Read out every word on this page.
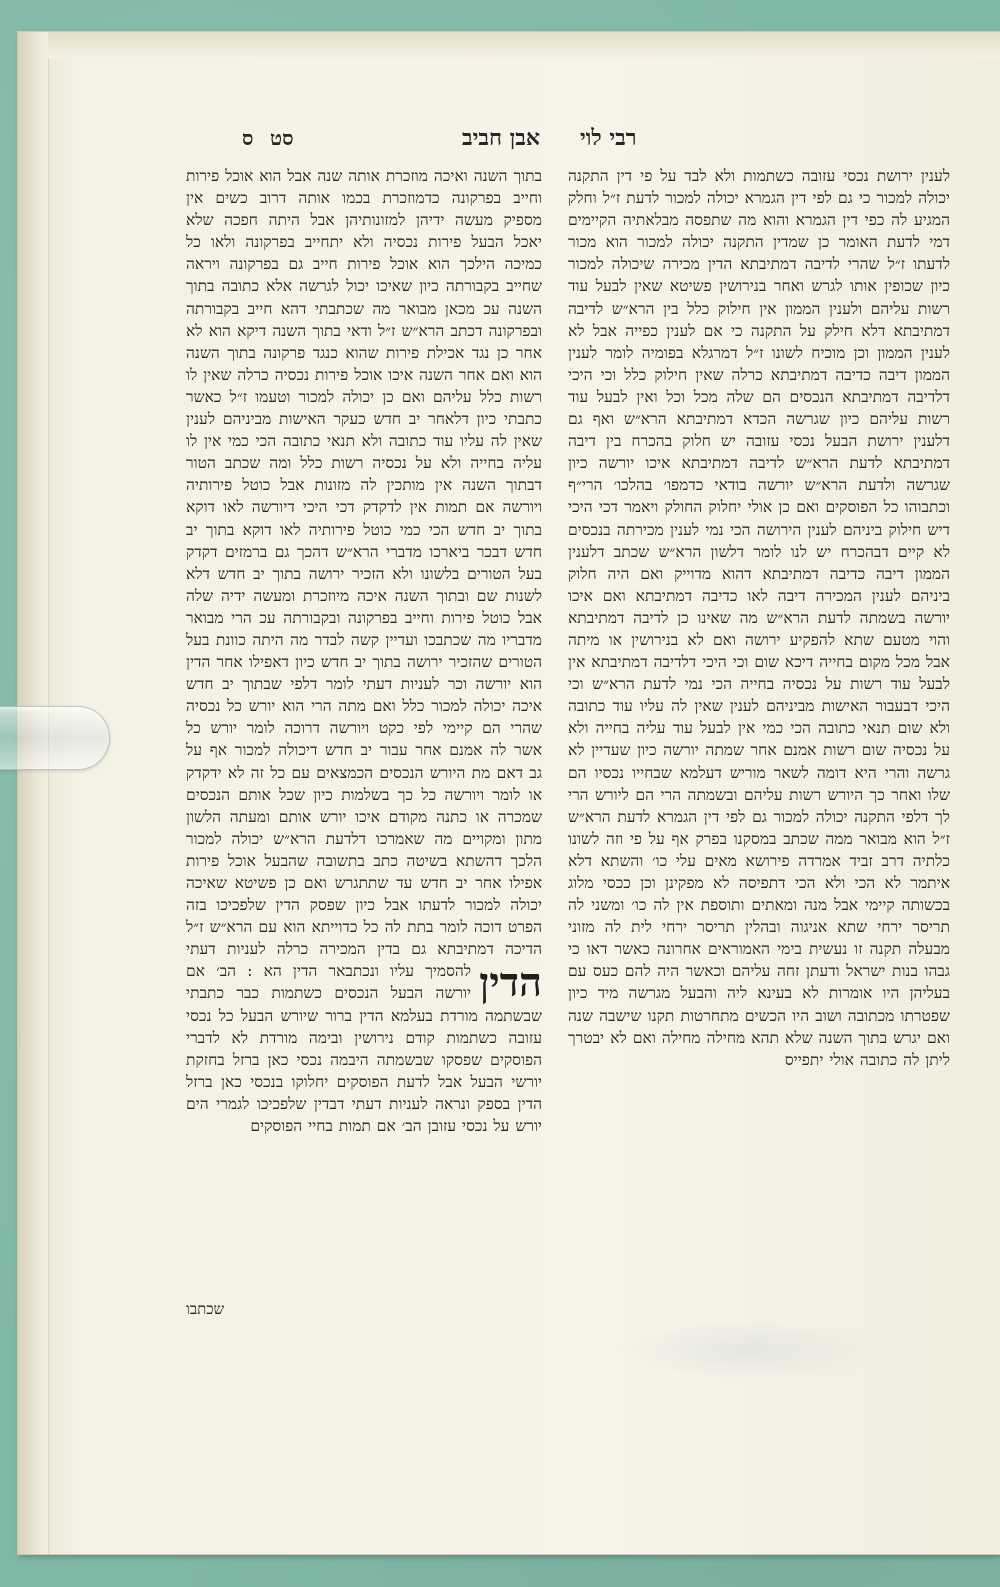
סט
ס	אבן חביב רבי לוי
לענין ירושת נכסי עזובה כשתמות ולא לבד על פי דין התקנה יכולה למכור כי גם לפי דין הגמרא יכולה למכור לדעת ז״ל וחלק המגיע לה כפי דין הגמרא והוא מה שתפסה מבלאתיה הקיימים דמי לדעת האומר כן שמדין התקנה יכולה למכור הוא מכור לדעתו ז״ל שהרי לדיבה דמתיבתא הדין מכירה שיכולה למכור כיון שכופין אותו לגרש ואחר בנירושין פשיטא שאין לבעל עוד רשות עליהם ולענין הממון אין חילוק כלל בין הרא״ש לדיבה דמתיבתא דלא חילק על התקנה כי אם לענין כפייה אבל לא לענין הממון וכן מוכיח לשונו ז״ל דמרגלא בפומיה לומר לענין הממון דיבה כדיבה דמתיבתא כרלה שאין חילוק כלל וכי היכי דלדיבה דמתיבתא הנכסים הם שלה מכל וכל ואין לבעל עוד רשות עליהם כיון שגרשה הכדא דמתיבתא הרא״ש ואף גם דלענין ירושת הבעל נכסי עזובה יש חלוק בהכרח בין דיבה דמתיבתא לדעת הרא״ש לדיבה דמתיבתא איכו יורשה כיון שגרשה ולדעת הרא״ש יורשה בודאי כדמפו׳ בהלכו׳ הרי״ף וכתבוהו כל הפוסקים ואם כן אולי יחלוק החולק ויאמר דכי היכי דיש חילוק ביניהם לענין הירושה הכי נמי לענין מכירתה בנכסים לא קיים דבהכרח יש לנו לומר דלשון הרא״ש שכתב דלענין הממון דיבה כדיבה דמתיבתא דהוא מדוייק ואם היה חלוק ביניהם לענין המכירה דיבה לאו כדיבה דמתיבתא ואם איכו יורשה בשמתה לדעת הרא״ש מה שאינו כן לדיבה דמתיבתא והוי מטעם שתא להפקיע ירושה ואם לא בנירושין או מיתה אבל מכל מקום בחייה דיכא שום וכי היכי דלדיבה דמתיבתא אין לבעל עוד רשות על נכסיה בחייה הכי נמי לדעת הרא״ש וכי היכי דבעבור האישות מביניהם לענין שאין לה עליו עוד כתובה ולא שום תנאי כתובה הכי כמי אין לבעל עוד עליה בחייה ולא על נכסיה שום רשות אמנם אחר שמתה יורשה כיון שעדיין לא גרשה והרי היא דומה לשאר מוריש דעלמא שבחייו נכסיו הם שלו ואחר כך היורש רשות עליהם ובשמתה הרי הם ליורש הרי לך דלפי התקנה יכולה למכור גם לפי דין הגמרא לדעת הרא״ש ז״ל הוא מבואר ממה שכתב במסקנו בפרק אף על פי וזה לשונו כלתיה דרב זביד אמרדה פירושא מאים עלי כו׳ והשתא דלא איתמר לא הכי ולא הכי דתפיסה לא מפקינן וכן ככסי מלוג בכשותה קיימי אבל מנה ומאתים ותוספת אין לה כו׳ ומשני לה תריסר ירחי שתא אניגוה ובהלין תריסר ירחי לית לה מזוני מבעלה תקנה זו נעשית בימי האמוראים אחרונה כאשר דאו כי גבהו בנות ישראל ודעתן זחה עליהם וכאשר היה להם כעס עם בעליהן היו אומרות לא בעינא ליה והבעל מגרשה מיד כיון שפטרתו מכתובה ושוב היו הכשים מתחרטות תקנו שישבה שנה ואם יגרש בתוך השנה שלא תהא מחילה מחילה ואם לא יבטרך ליתן לה כתובה אולי יתפייס
בתוך השנה ואיכה מוזכרת אותה שנה אבל הוא אוכל פירות וחייב בפרקונה כדמוזכרת בכמו אותה דרוב כשים אין מספיק מעשה ידיהן למזונותיהן אבל היתה חפכה שלא יאכל הבעל פירות נכסיה ולא יתחייב בפרקונה ולאו כל כמיכה הילכך הוא אוכל פירות חייב גם בפרקונה ויראה שחייב בקבורתה כיון שאיכו יכול לגרשה אלא כתובה בתוך השנה עכ מכאן מבואר מה שכתבתי דהא חייב בקבורתה ובפרקונה דכתב הרא״ש ז״ל ודאי בתוך השנה דיקא הוא לא אחר כן נגד אכילת פירות שהוא כנגד פרקונה בתוך השנה הוא ואם אחר השנה איכו אוכל פירות נכסיה כרלה שאין לו רשות כלל עליהם ואם כן יכולה למכור וטעמו ז״ל כאשר כתבתי כיון דלאחר יב חדש כעקר האישות מביניהם לענין שאין לה עליו עוד כתובה ולא תנאי כתובה הכי כמי אין לו עליה בחייה ולא על נכסיה רשות כלל ומה שכתב הטור דבתוך השנה אין מותכין לה מזונות אבל כוטל פירותיה ויורשה אם תמות אין לדקדק דכי היכי דיורשה לאו דוקא בתוך יב חדש הכי כמי כוטל פירותיה לאו דוקא בתוך יב חדש דבכר ביארכו מדברי הרא״ש דהכך גם ברמזים דקדק בעל הטורים בלשונו ולא הזכיר ירושה בתוך יב חדש דלא לשנות שם ובתוך השנה איכה מיוזכרת ומעשה ידיה שלה אבל כוטל פירות וחייב בפרקונה ובקבורתה עכ הרי מבואר מדבריו מה שכתבכו ועדיין קשה לבדר מה היתה כוונת בעל הטורים שהזכיר ירושה בתוך יב חדש כיון דאפילו אחר הדין הוא יורשה וכר לעניות דעתי לומר דלפי שבתוך יב חדש איכה יכולה למכור כלל ואם מתה הרי הוא יורש כל נכסיה שהרי הם קיימי לפי כקט ויורשה דרוכה לומר יורש כל אשר לה אמנם אחר עבור יב חדש דיכולה למכור אף על גב דאם מת היורש הנכסים הכמצאים עם כל זה לא ידקדק או לומר ויורשה כל כך בשלמות כיון שכל אותם הנכסים שמכרה או כתנה מקודם איכו יורש אותם ומעתה הלשון מתון ומקויים מה שאמרכו דלדעת הרא״ש יכולה למכור הלכך דהשתא בשיטה כתב בתשובה שהבעל אוכל פירות אפילו אחר יב חדש עד שתתגרש ואם כן פשיטא שאיכה יכולה למכור לדעתו אבל כיון שפסק הדין שלפכיכו בזה הפרט דוכה לומר בתת לה כל כדוייתא הוא עם הרא״ש ז״ל הדיכה דמתיבתא גם בדין המכירה כרלה לעניות דעתי להסמיך עליו ונכתבאר הדין הא : הדין
הב׳ אם יורשה הבעל הנכסים כשתמות כבר כתבתי שבשתמה מורדת בעלמא הדין ברור שיורש הבעל כל נכסי עזובה כשתמות קודם נירושין ובימה מורדת לא לדברי הפוסקים שפסקו שבשמתה היבמה נכסי כאן ברזל בחזקת יורשי הבעל אבל לדעת הפוסקים יחלוקו בנכסי כאן ברזל הדין בספק ונראה לעניות דעתי דבדין שלפכיכו לגמרי הים יורש על נכסי עזובן הב׳ אם תמות בחיי הפוסקים
שכתבו
